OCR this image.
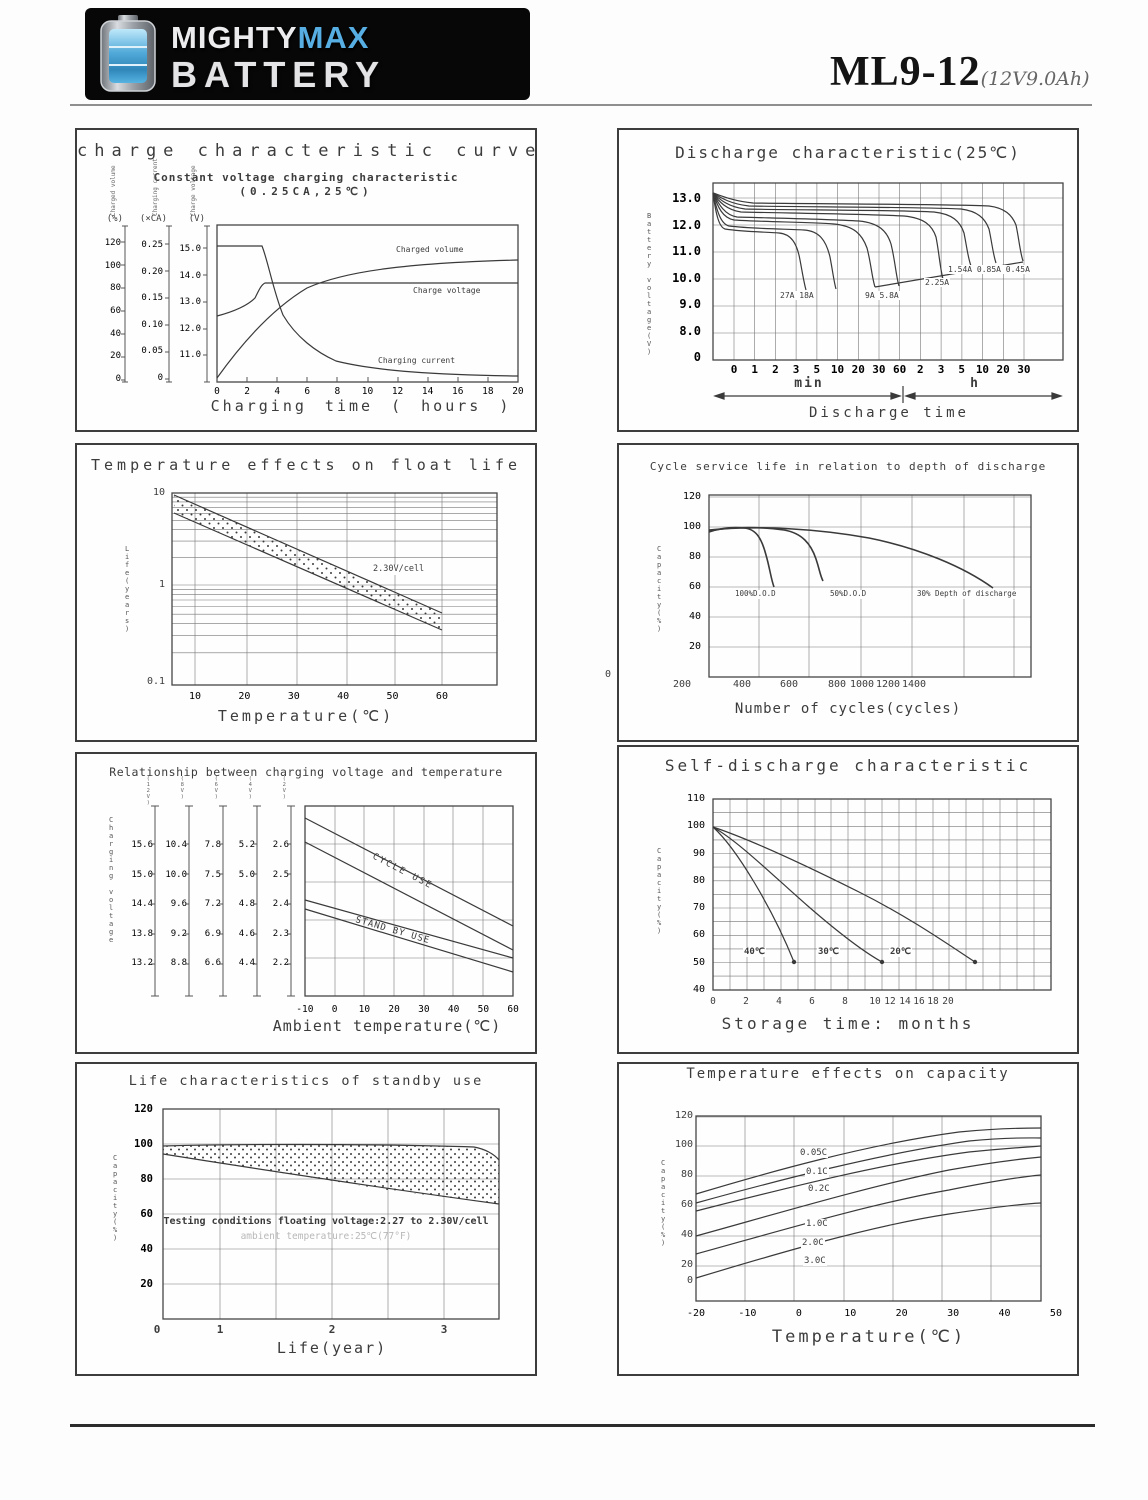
MIGHTYMAX
BATTERY	ML9-12 (12V9.0Ah)
charge characteristic curve
Constant voltage charging characteristic
(0.25CA,25℃)
Charged volume	Charging current	Charge voltage
(%)	(×CA)	(V)
120
100
80
60
40
20
0
0.25
0.20
0.15
0.10
0.05
0
15.0
14.0
13.0
12.0
11.0
Charged volume
Charge voltage
Charging current
0	2	4	6	8	10	12	14	16	18	20
Charging time ( hours )
Discharge characteristic(25℃)
Battery voltage(V)
13.0
12.0
11.0
10.0
9.0
8.0
0
27A 18A	9A 5.8A
2.25A
1.54A 0.85A 0.45A
0	1	2	3	5 10 20 30 60 2	3	5 10 20 30
min	h
Discharge time
Temperature effects on float life
Life(years)
10
1
0.1
2.30V/cell
10	20	30	40	50	60
Temperature(℃)
Cycle service life in relation to depth of discharge
Capacity(%)
120
100
80
60
40
20
100%D.O.D	50%D.O.D	30% Depth of discharge
0
200	400	600	800 1000 1200 1400
Number of cycles(cycles)
Relationship between charging voltage and temperature
Charging voltage
(12V)	(8V)	(6V)	(4V)	(2V)
15.6
15.0
14.4
13.8
13.2
10.4
10.0
9.6
9.2
8.8
7.8
7.5
7.2
6.9
6.6
5.2
5.0
4.8
4.6
4.4
2.6
2.5
2.4
2.3
2.2
CYCLE USE
STAND BY USE
-10	0	10	20	30	40	50	60
Ambient temperature(℃)
Self-discharge characteristic
Capacity(%)
110
100
90
80
70
60
50
40
40℃	30℃	20℃
0	2	4	6	8	10 12 14 16 18 20
Storage time: months
Life characteristics of standby use
Capacity(%)
120
100
80
60
40
20
Testing conditions floating voltage:2.27 to 2.30V/cell
ambient temperature:25℃(77°F)
0	1	2	3
Life(year)
Temperature effects on capacity
Capacity(%)
120
100
80
60
40
20
0
0.05C
0.1C
0.2C
1.0C
2.0C
3.0C
-20	-10	0	10	20	30	40	50
Temperature(℃)
